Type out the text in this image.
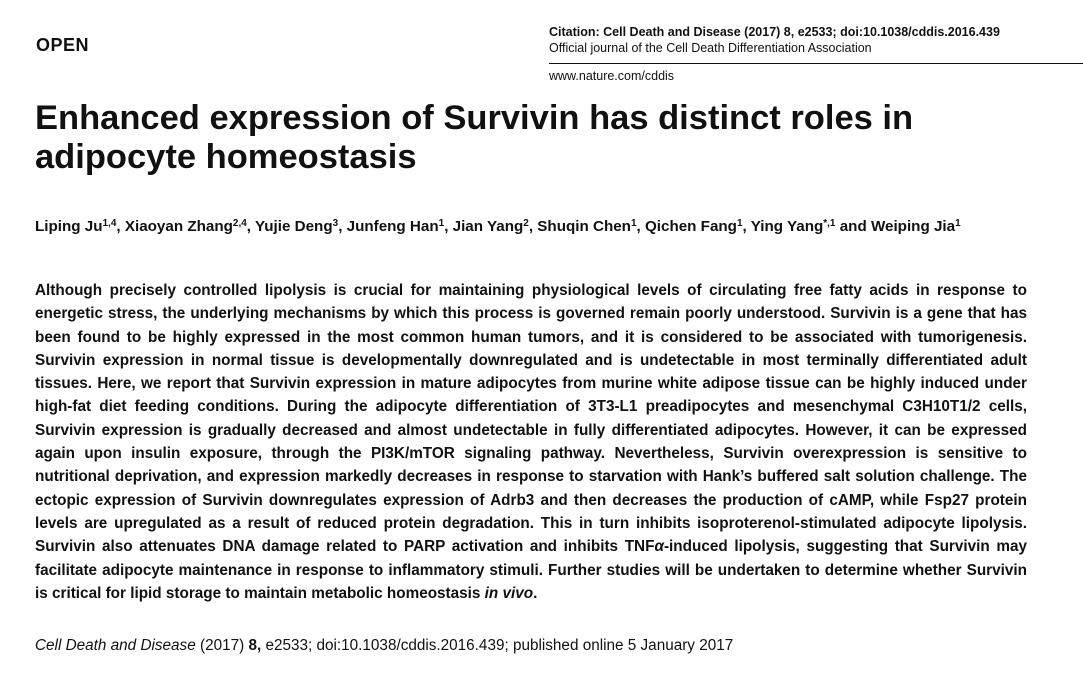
OPEN
Citation: Cell Death and Disease (2017) 8, e2533; doi:10.1038/cddis.2016.439
Official journal of the Cell Death Differentiation Association
www.nature.com/cddis
Enhanced expression of Survivin has distinct roles in adipocyte homeostasis
Liping Ju$^{1,4}$, Xiaoyan Zhang$^{2,4}$, Yujie Deng$^3$, Junfeng Han$^1$, Jian Yang$^2$, Shuqin Chen$^1$, Qichen Fang$^1$, Ying Yang$^{*,1}$ and Weiping Jia$^1$

Although precisely controlled lipolysis is crucial for maintaining physiological levels of circulating free fatty acids in response to energetic stress, the underlying mechanisms by which this process is governed remain poorly understood. Survivin is a gene that has been found to be highly expressed in the most common human tumors, and it is considered to be associated with tumorigenesis. Survivin expression in normal tissue is developmentally downregulated and is undetectable in most terminally differentiated adult tissues. Here, we report that Survivin expression in mature adipocytes from murine white adipose tissue can be highly induced under high-fat diet feeding conditions. During the adipocyte differentiation of 3T3-L1 preadipocytes and mesenchymal C3H10T1/2 cells, Survivin expression is gradually decreased and almost undetectable in fully differentiated adipocytes. However, it can be expressed again upon insulin exposure, through the PI3K/mTOR signaling pathway. Nevertheless, Survivin overexpression is sensitive to nutritional deprivation, and expression markedly decreases in response to starvation with Hank’s buffered salt solution challenge. The ectopic expression of Survivin downregulates expression of Adrb3 and then decreases the production of cAMP, while Fsp27 protein levels are upregulated as a result of reduced protein degradation. This in turn inhibits isoproterenol-stimulated adipocyte lipolysis. Survivin also attenuates DNA damage related to PARP activation and inhibits TNFα-induced lipolysis, suggesting that Survivin may facilitate adipocyte maintenance in response to inflammatory stimuli. Further studies will be undertaken to determine whether Survivin is critical for lipid storage to maintain metabolic homeostasis in vivo.

Cell Death and Disease (2017) 8, e2533; doi:10.1038/cddis.2016.439; published online 5 January 2017
